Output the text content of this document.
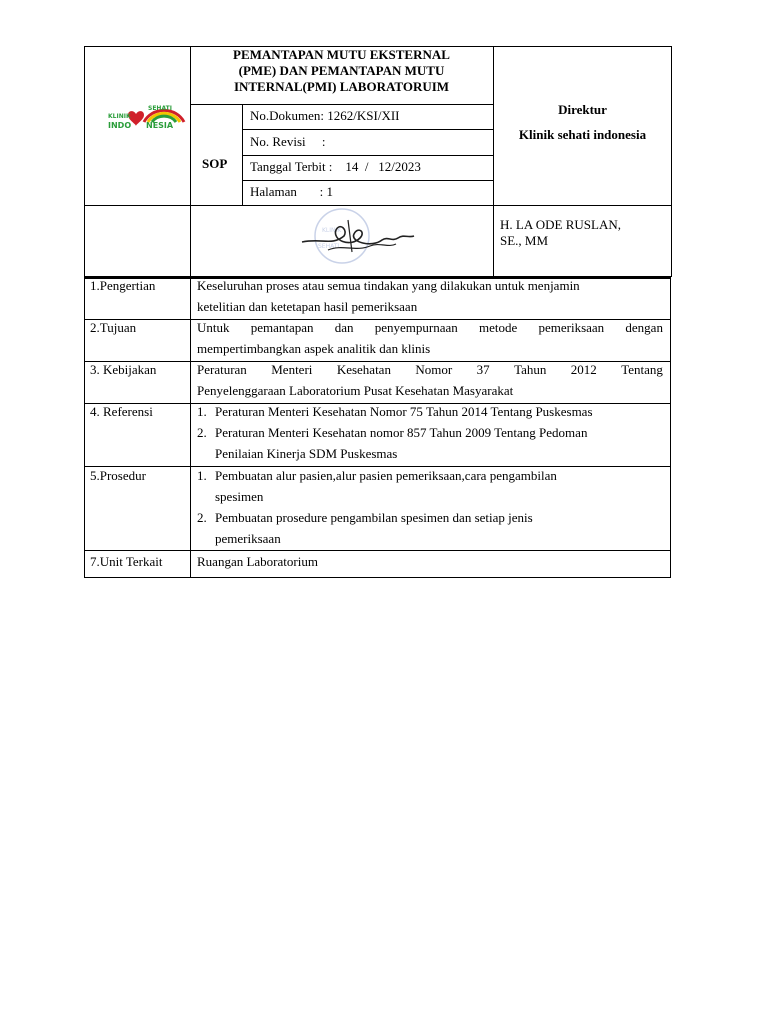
KLINIK
SEHATI
INDO NESIA
PEMANTAPAN MUTU EKSTERNAL
(PME) DAN PEMANTAPAN MUTU
INTERNAL(PMI) LABORATORUIM
SOP
No.Dokumen: 1262/KSI/XII
No. Revisi     :
Tanggal Terbit :    14  /   12/2023
Halaman       : 1
Direktur
Klinik sehati indonesia
KLINIK
SEHATI
H. LA ODE RUSLAN,
SE., MM
1.Pengertian	Keseluruhan proses atau semua tindakan yang dilakukan untuk menjamin
ketelitian dan ketetapan hasil pemeriksaan
2.Tujuan	Untuk pemantapan dan penyempurnaan metode pemeriksaan dengan
mempertimbangkan aspek analitik dan klinis
3. Kebijakan	Peraturan Menteri Kesehatan Nomor 37 Tahun 2012 Tentang
Penyelenggaraan Laboratorium Pusat Kesehatan Masyarakat
4. Referensi	1. Peraturan Menteri Kesehatan Nomor 75 Tahun 2014 Tentang Puskesmas
2. Peraturan Menteri Kesehatan nomor 857 Tahun 2009 Tentang Pedoman
Penilaian Kinerja SDM Puskesmas
5.Prosedur	1. Pembuatan alur pasien,alur pasien pemeriksaan,cara pengambilan
spesimen
2. Pembuatan prosedure pengambilan spesimen dan setiap jenis
pemeriksaan
7.Unit Terkait	Ruangan Laboratorium
